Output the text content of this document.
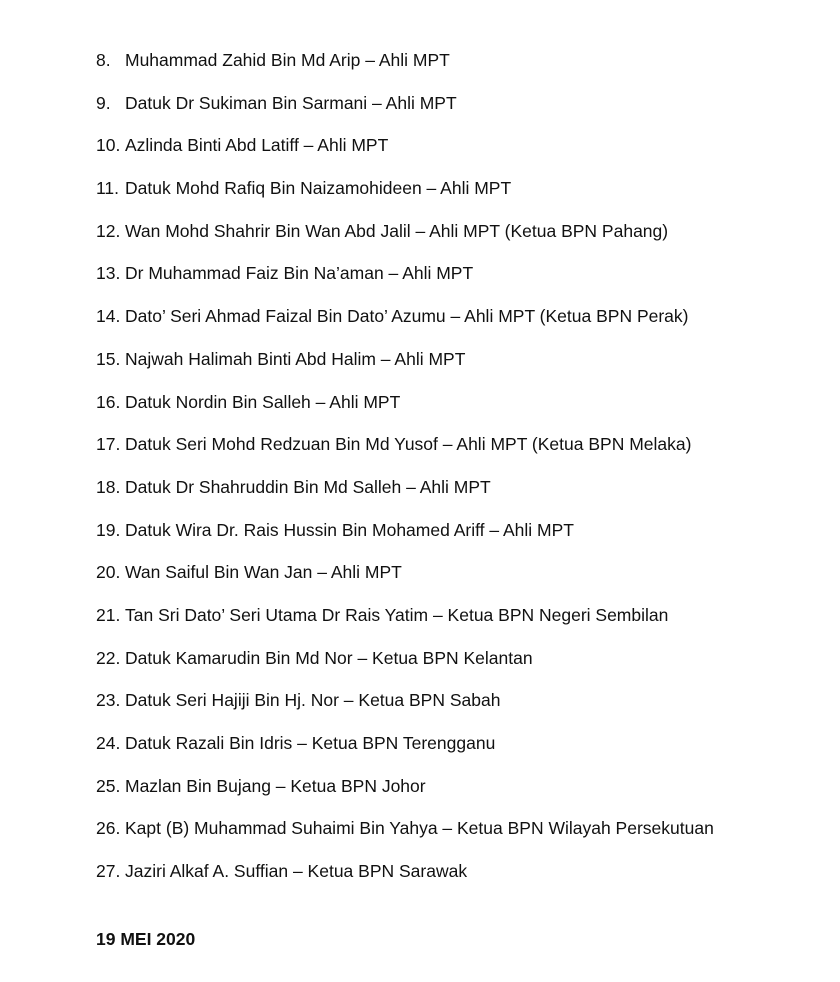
8. Muhammad Zahid Bin Md Arip – Ahli MPT
9. Datuk Dr Sukiman Bin Sarmani – Ahli MPT
10. Azlinda Binti Abd Latiff – Ahli MPT
11. Datuk Mohd Rafiq Bin Naizamohideen – Ahli MPT
12. Wan Mohd Shahrir Bin Wan Abd Jalil – Ahli MPT (Ketua BPN Pahang)
13. Dr Muhammad Faiz Bin Na’aman – Ahli MPT
14. Dato’ Seri Ahmad Faizal Bin Dato’ Azumu – Ahli MPT (Ketua BPN Perak)
15. Najwah Halimah Binti Abd Halim – Ahli MPT
16. Datuk Nordin Bin Salleh – Ahli MPT
17. Datuk Seri Mohd Redzuan Bin Md Yusof – Ahli MPT (Ketua BPN Melaka)
18. Datuk Dr Shahruddin Bin Md Salleh – Ahli MPT
19. Datuk Wira Dr. Rais Hussin Bin Mohamed Ariff – Ahli MPT
20. Wan Saiful Bin Wan Jan – Ahli MPT
21. Tan Sri Dato’ Seri Utama Dr Rais Yatim – Ketua BPN Negeri Sembilan
22. Datuk Kamarudin Bin Md Nor – Ketua BPN Kelantan
23. Datuk Seri Hajiji Bin Hj. Nor – Ketua BPN Sabah
24. Datuk Razali Bin Idris – Ketua BPN Terengganu
25. Mazlan Bin Bujang – Ketua BPN Johor
26. Kapt (B) Muhammad Suhaimi Bin Yahya – Ketua BPN Wilayah Persekutuan
27. Jaziri Alkaf A. Suffian – Ketua BPN Sarawak
19 MEI 2020
